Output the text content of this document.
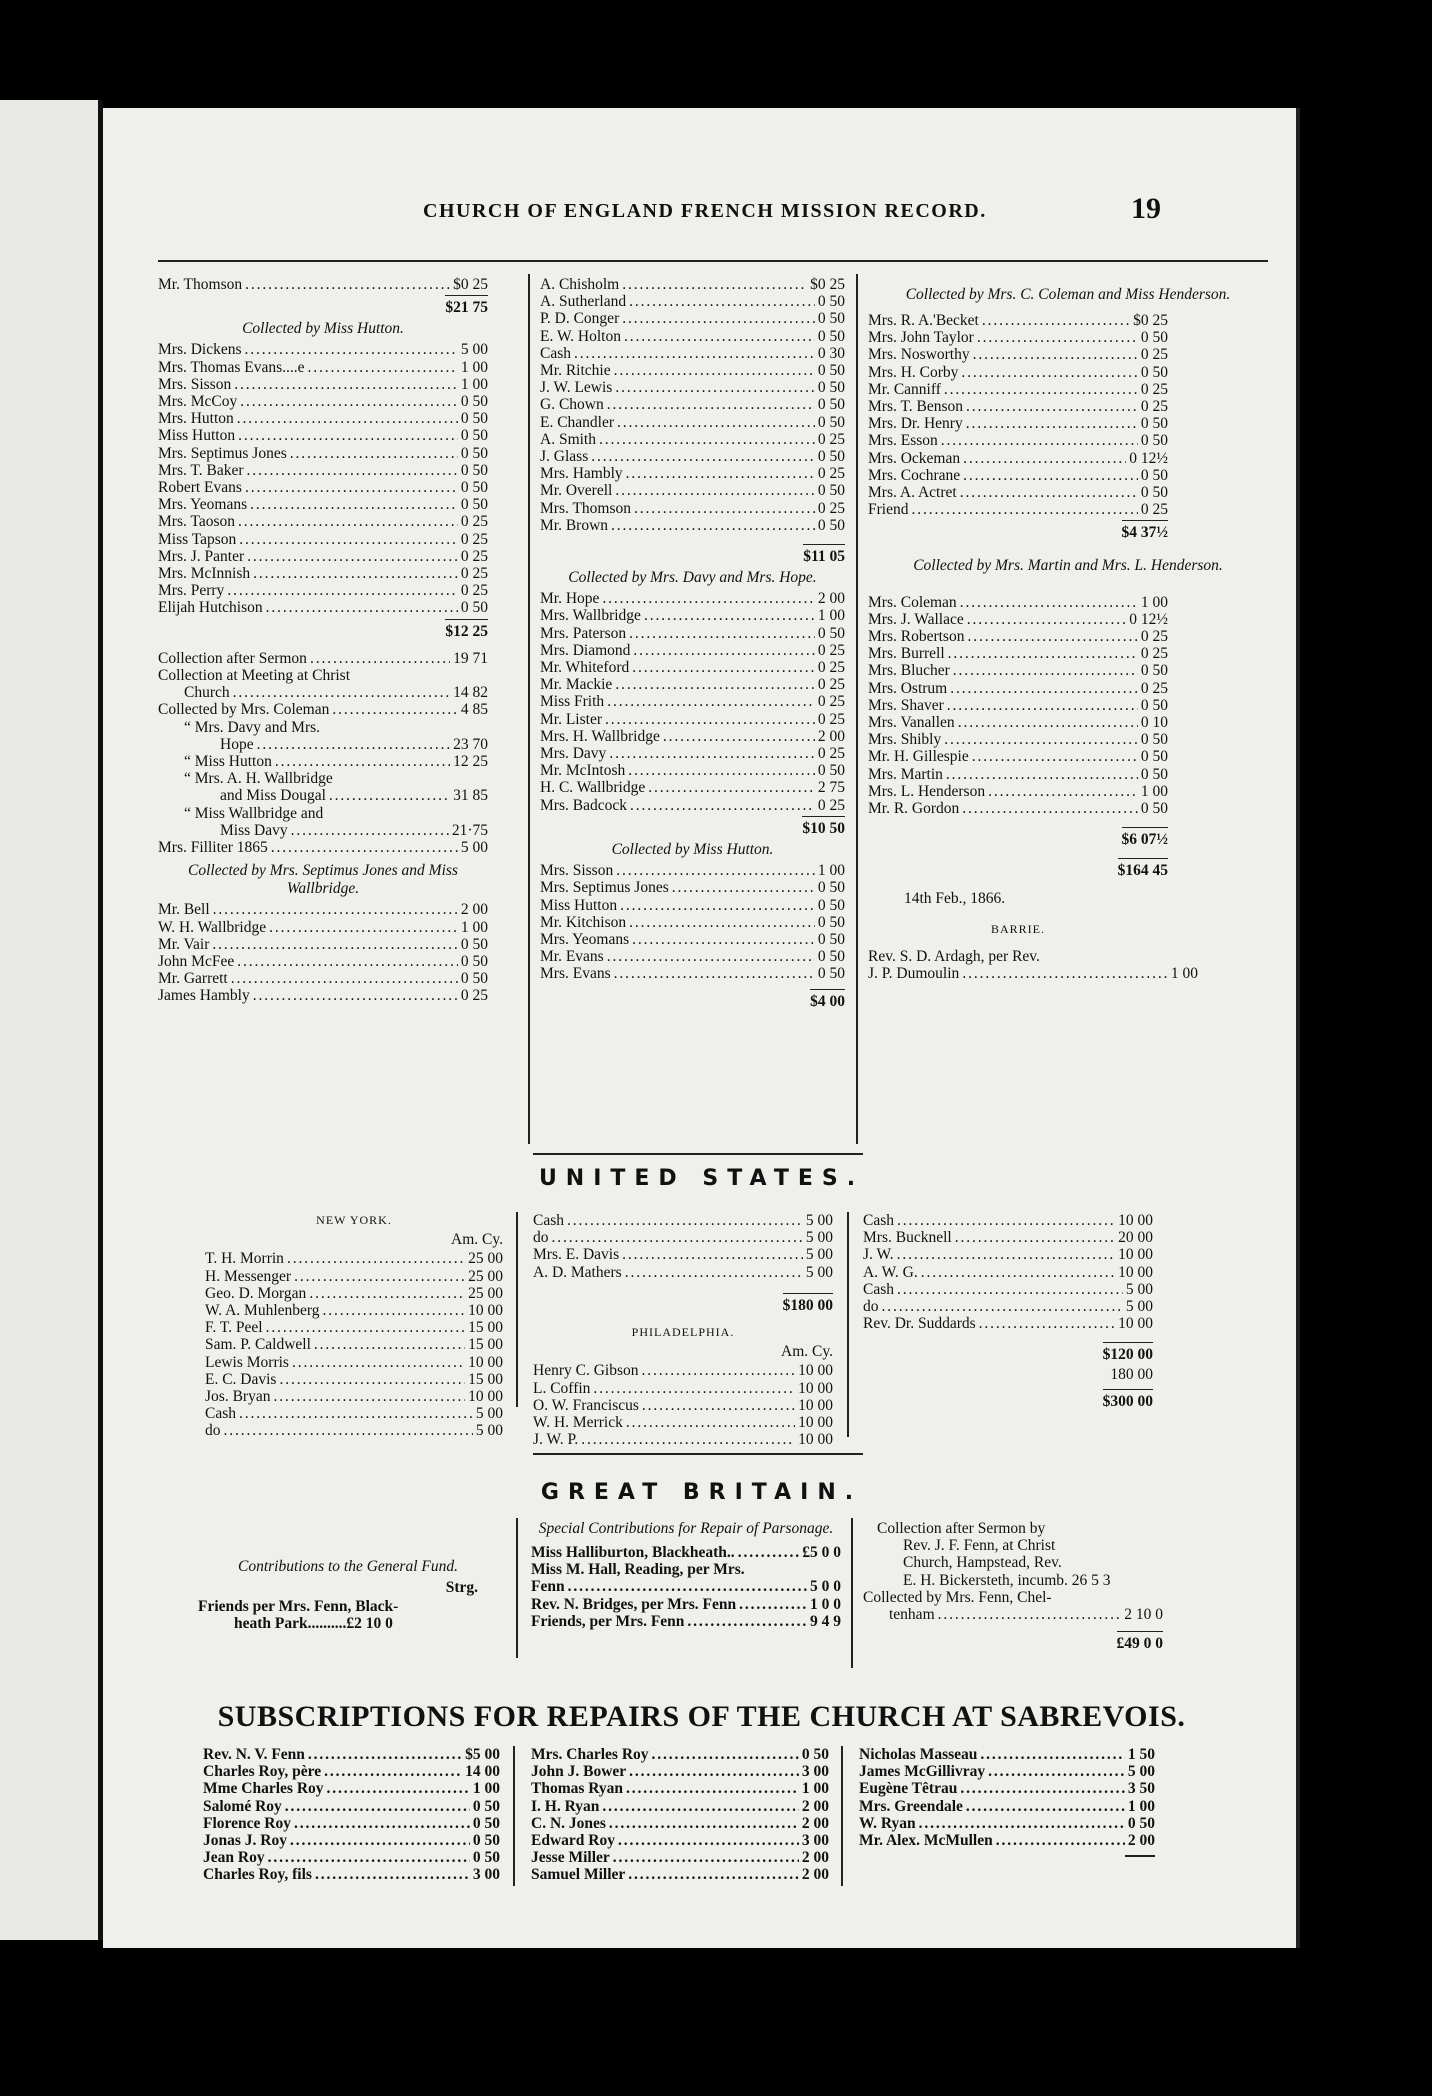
CHURCH OF ENGLAND FRENCH MISSION RECORD.	19
Mr. Thomson . . .	$0 25
$21 75
Collected by Miss Hutton.
Mrs. Dickens . . .	5 00
Mrs. Thomas Evans....e . . .	1 00
Mrs. Sisson . . .	1 00
Mrs. McCoy . . .	0 50
Mrs. Hutton . . .	0 50
Miss Hutton . . .	0 50
Mrs. Septimus Jones . . .	0 50
Mrs. T. Baker . . .	0 50
Robert Evans . . .	0 50
Mrs. Yeomans . . .	0 50
Mrs. Taoson . . .	0 25
Miss Tapson . . .	0 25
Mrs. J. Panter . . .	0 25
Mrs. McInnish . . .	0 25
Mrs. Perry . . .	0 25
Elijah Hutchison . . .	0 50
$12 25
Collection after Sermon . . .	19 71
Collection at Meeting at Christ
Church . . .	14 82
Collected by Mrs. Coleman . . .	4 85
“ Mrs. Davy and Mrs.
Hope . . .	23 70
“ Miss Hutton . . .	12 25
“ Mrs. A. H. Wallbridge
and Miss Dougal . . .	31 85
“ Miss Wallbridge and
Miss Davy . . .	21·75
Mrs. Filliter 1865 . . .	5 00
Collected by Mrs. Septimus Jones and Miss Wallbridge.
Mr. Bell . . .	2 00
W. H. Wallbridge . . .	1 00
Mr. Vair . . .	0 50
John McFee . . .	0 50
Mr. Garrett . . .	0 50
James Hambly . . .	0 25
A. Chisholm . . .	$0 25
A. Sutherland . . .	0 50
P. D. Conger . . .	0 50
E. W. Holton . . .	0 50
Cash . . .	0 30
Mr. Ritchie . . .	0 50
J. W. Lewis . . .	0 50
G. Chown . . .	0 50
E. Chandler . . .	0 50
A. Smith . . .	0 25
J. Glass . . .	0 50
Mrs. Hambly . . .	0 25
Mr. Overell . . .	0 50
Mrs. Thomson . . .	0 25
Mr. Brown . . .	0 50
$11 05
Collected by Mrs. Davy and Mrs. Hope.
Mr. Hope . . .	2 00
Mrs. Wallbridge . . .	1 00
Mrs. Paterson . . .	0 50
Mrs. Diamond . . .	0 25
Mr. Whiteford . . .	0 25
Mr. Mackie . . .	0 25
Miss Frith . . .	0 25
Mr. Lister . . .	0 25
Mrs. H. Wallbridge . . .	2 00
Mrs. Davy . . .	0 25
Mr. McIntosh . . .	0 50
H. C. Wallbridge . . .	2 75
Mrs. Badcock . . .	0 25
$10 50
Collected by Miss Hutton.
Mrs. Sisson . . .	1 00
Mrs. Septimus Jones . . .	0 50
Miss Hutton . . .	0 50
Mr. Kitchison . . .	0 50
Mrs. Yeomans . . .	0 50
Mr. Evans . . .	0 50
Mrs. Evans . . .	0 50
$4 00
Collected by Mrs. C. Coleman and Miss Henderson.
Mrs. R. A.'Becket . . .	$0 25
Mrs. John Taylor . . .	0 50
Mrs. Nosworthy . . .	0 25
Mrs. H. Corby . . .	0 50
Mr. Canniff . . .	0 25
Mrs. T. Benson . . .	0 25
Mrs. Dr. Henry . . .	0 50
Mrs. Esson . . .	0 50
Mrs. Ockeman . . .	0 12½
Mrs. Cochrane . . .	0 50
Mrs. A. Actret . . .	0 50
Friend . . .	0 25
$4 37½
Collected by Mrs. Martin and Mrs. L. Henderson.
Mrs. Coleman . . .	1 00
Mrs. J. Wallace . . .	0 12½
Mrs. Robertson . . .	0 25
Mrs. Burrell . . .	0 25
Mrs. Blucher . . .	0 50
Mrs. Ostrum . . .	0 25
Mrs. Shaver . . .	0 50
Mrs. Vanallen . . .	0 10
Mrs. Shibly . . .	0 50
Mr. H. Gillespie . . .	0 50
Mrs. Martin . . .	0 50
Mrs. L. Henderson . . .	1 00
Mr. R. Gordon . . .	0 50
$6 07½
$164 45
14th Feb., 1866.
BARRIE.
Rev. S. D. Ardagh, per Rev.
J. P. Dumoulin . . .	1 00
UNITED STATES.
NEW YORK.
Am. Cy.
T. H. Morrin . . .	25 00
H. Messenger . . .	25 00
Geo. D. Morgan . . .	25 00
W. A. Muhlenberg . . .	10 00
F. T. Peel . . .	15 00
Sam. P. Caldwell . . .	15 00
Lewis Morris . . .	10 00
E. C. Davis . . .	15 00
Jos. Bryan . . .	10 00
Cash . . .	5 00
do . . .	5 00
Cash . . .	5 00
do . . .	5 00
Mrs. E. Davis . . .	5 00
A. D. Mathers . . .	5 00
$180 00
PHILADELPHIA.
Am. Cy.
Henry C. Gibson . . .	10 00
L. Coffin . . .	10 00
O. W. Franciscus . . .	10 00
W. H. Merrick . . .	10 00
J. W. P. . . .	10 00
Cash . . .	10 00
Mrs. Bucknell . . .	20 00
J. W. . . .	10 00
A. W. G. . . .	10 00
Cash . . .	5 00
do . . .	5 00
Rev. Dr. Suddards . . .	10 00
$120 00
180 00
$300 00
GREAT BRITAIN.
Contributions to the General Fund.
Strg.
Friends per Mrs. Fenn, Black-
heath Park..........£2 10 0
Special Contributions for Repair of Parsonage.
Miss Halliburton, Blackheath.. . . .	£5 0 0
Miss M. Hall, Reading, per Mrs.
Fenn . . .	5 0 0
Rev. N. Bridges, per Mrs. Fenn . . .	1 0 0
Friends, per Mrs. Fenn . . .	9 4 9
Collection after Sermon by
Rev. J. F. Fenn, at Christ
Church, Hampstead, Rev.
E. H. Bickersteth, incumb. 26 5 3
Collected by Mrs. Fenn, Chel-
tenham . . .	2 10 0
£49 0 0
SUBSCRIPTIONS FOR REPAIRS OF THE CHURCH AT SABREVOIS.
Rev. N. V. Fenn . . .	$5 00
Charles Roy, père . . .	14 00
Mme Charles Roy . . .	1 00
Salomé Roy . . .	0 50
Florence Roy . . .	0 50
Jonas J. Roy . . .	0 50
Jean Roy . . .	0 50
Charles Roy, fils . . .	3 00
Mrs. Charles Roy . . .	0 50
John J. Bower . . .	3 00
Thomas Ryan . . .	1 00
I. H. Ryan . . .	2 00
C. N. Jones . . .	2 00
Edward Roy . . .	3 00
Jesse Miller . . .	2 00
Samuel Miller . . .	2 00
Nicholas Masseau . . .	1 50
James McGillivray . . .	5 00
Eugène Têtrau . . .	3 50
Mrs. Greendale . . .	1 00
W. Ryan . . .	0 50
Mr. Alex. McMullen . . .	2 00
